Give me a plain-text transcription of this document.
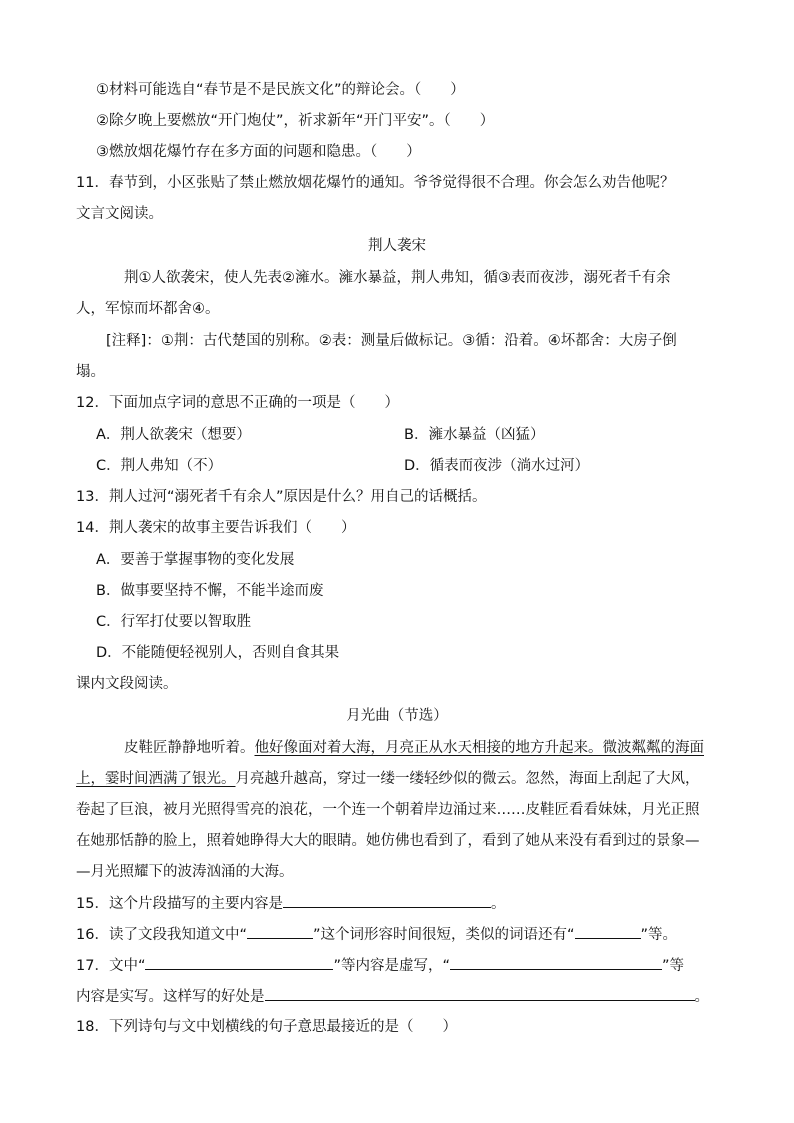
①材料可能选自“春节是不是民族文化”的辩论会。（　　）
②除夕晚上要燃放“开门炮仗”，祈求新年“开门平安”。（　　）
③燃放烟花爆竹存在多方面的问题和隐患。（　　）
11．春节到，小区张贴了禁止燃放烟花爆竹的通知。爷爷觉得很不合理。你会怎么劝告他呢？
文言文阅读。
荆人袭宋
荆①人欲袭宋，使人先表②澭水。澭水暴益，荆人弗知，循③表而夜涉，溺死者千有余
人，军惊而坏都舍④。
[注释]：①荆：古代楚国的别称。②表：测量后做标记。③循：沿着。④坏都舍：大房子倒
塌。
12．下面加点字词的意思不正确的一项是（　　）
A．荆人欲袭宋（想要）	B．澭水暴益（凶猛）
C．荆人弗知（不）	D．循表而夜涉（淌水过河）
13．荆人过河“溺死者千有余人”原因是什么？用自己的话概括。
14．荆人袭宋的故事主要告诉我们（　　）
A．要善于掌握事物的变化发展
B．做事要坚持不懈，不能半途而废
C．行军打仗要以智取胜
D．不能随便轻视别人，否则自食其果
课内文段阅读。
月光曲（节选）
皮鞋匠静静地听着。他好像面对着大海，月亮正从水天相接的地方升起来。微波粼粼的海面
上，霎时间洒满了银光。月亮越升越高，穿过一缕一缕轻纱似的微云。忽然，海面上刮起了大风，
卷起了巨浪，被月光照得雪亮的浪花，一个连一个朝着岸边涌过来……皮鞋匠看看妹妹，月光正照
在她那恬静的脸上，照着她睁得大大的眼睛。她仿佛也看到了，看到了她从来没有看到过的景象—
—月光照耀下的波涛汹涌的大海。
15．这个片段描写的主要内容是	。
16．读了文段我知道文中“	”这个词形容时间很短，类似的词语还有“	”等。
17．文中“	”等内容是虚写，“	”等
内容是实写。这样写的好处是	。
18．下列诗句与文中划横线的句子意思最接近的是（　　）
